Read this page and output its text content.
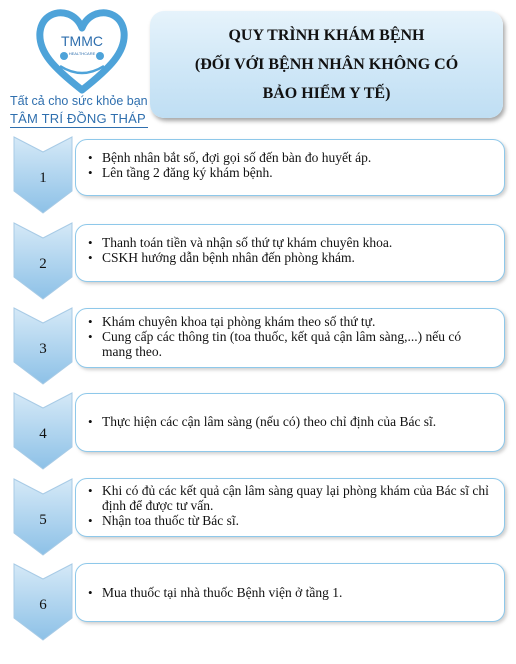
TMMC
HEALTHCARE
Tất cả cho sức khỏe bạn
TÂM TRÍ ĐỒNG THÁP
QUY TRÌNH KHÁM BỆNH
(ĐỐI VỚI BỆNH NHÂN KHÔNG CÓ
BẢO HIỂM Y TẾ)
1
• Bệnh nhân bắt số, đợi gọi số đến bàn đo huyết áp.
• Lên tầng 2 đăng ký khám bệnh.
2
• Thanh toán tiền và nhận số thứ tự khám chuyên khoa.
• CSKH hướng dẫn bệnh nhân đến phòng khám.
3
• Khám chuyên khoa tại phòng khám theo số thứ tự.
• Cung cấp các thông tin (toa thuốc, kết quả cận lâm sàng,...) nếu có mang theo.
4
• Thực hiện các cận lâm sàng (nếu có) theo chỉ định của Bác sĩ.
5
• Khi có đủ các kết quả cận lâm sàng quay lại phòng khám của Bác sĩ chỉ định để được tư vấn.
• Nhận toa thuốc từ Bác sĩ.
6
• Mua thuốc tại nhà thuốc Bệnh viện ở tầng 1.
